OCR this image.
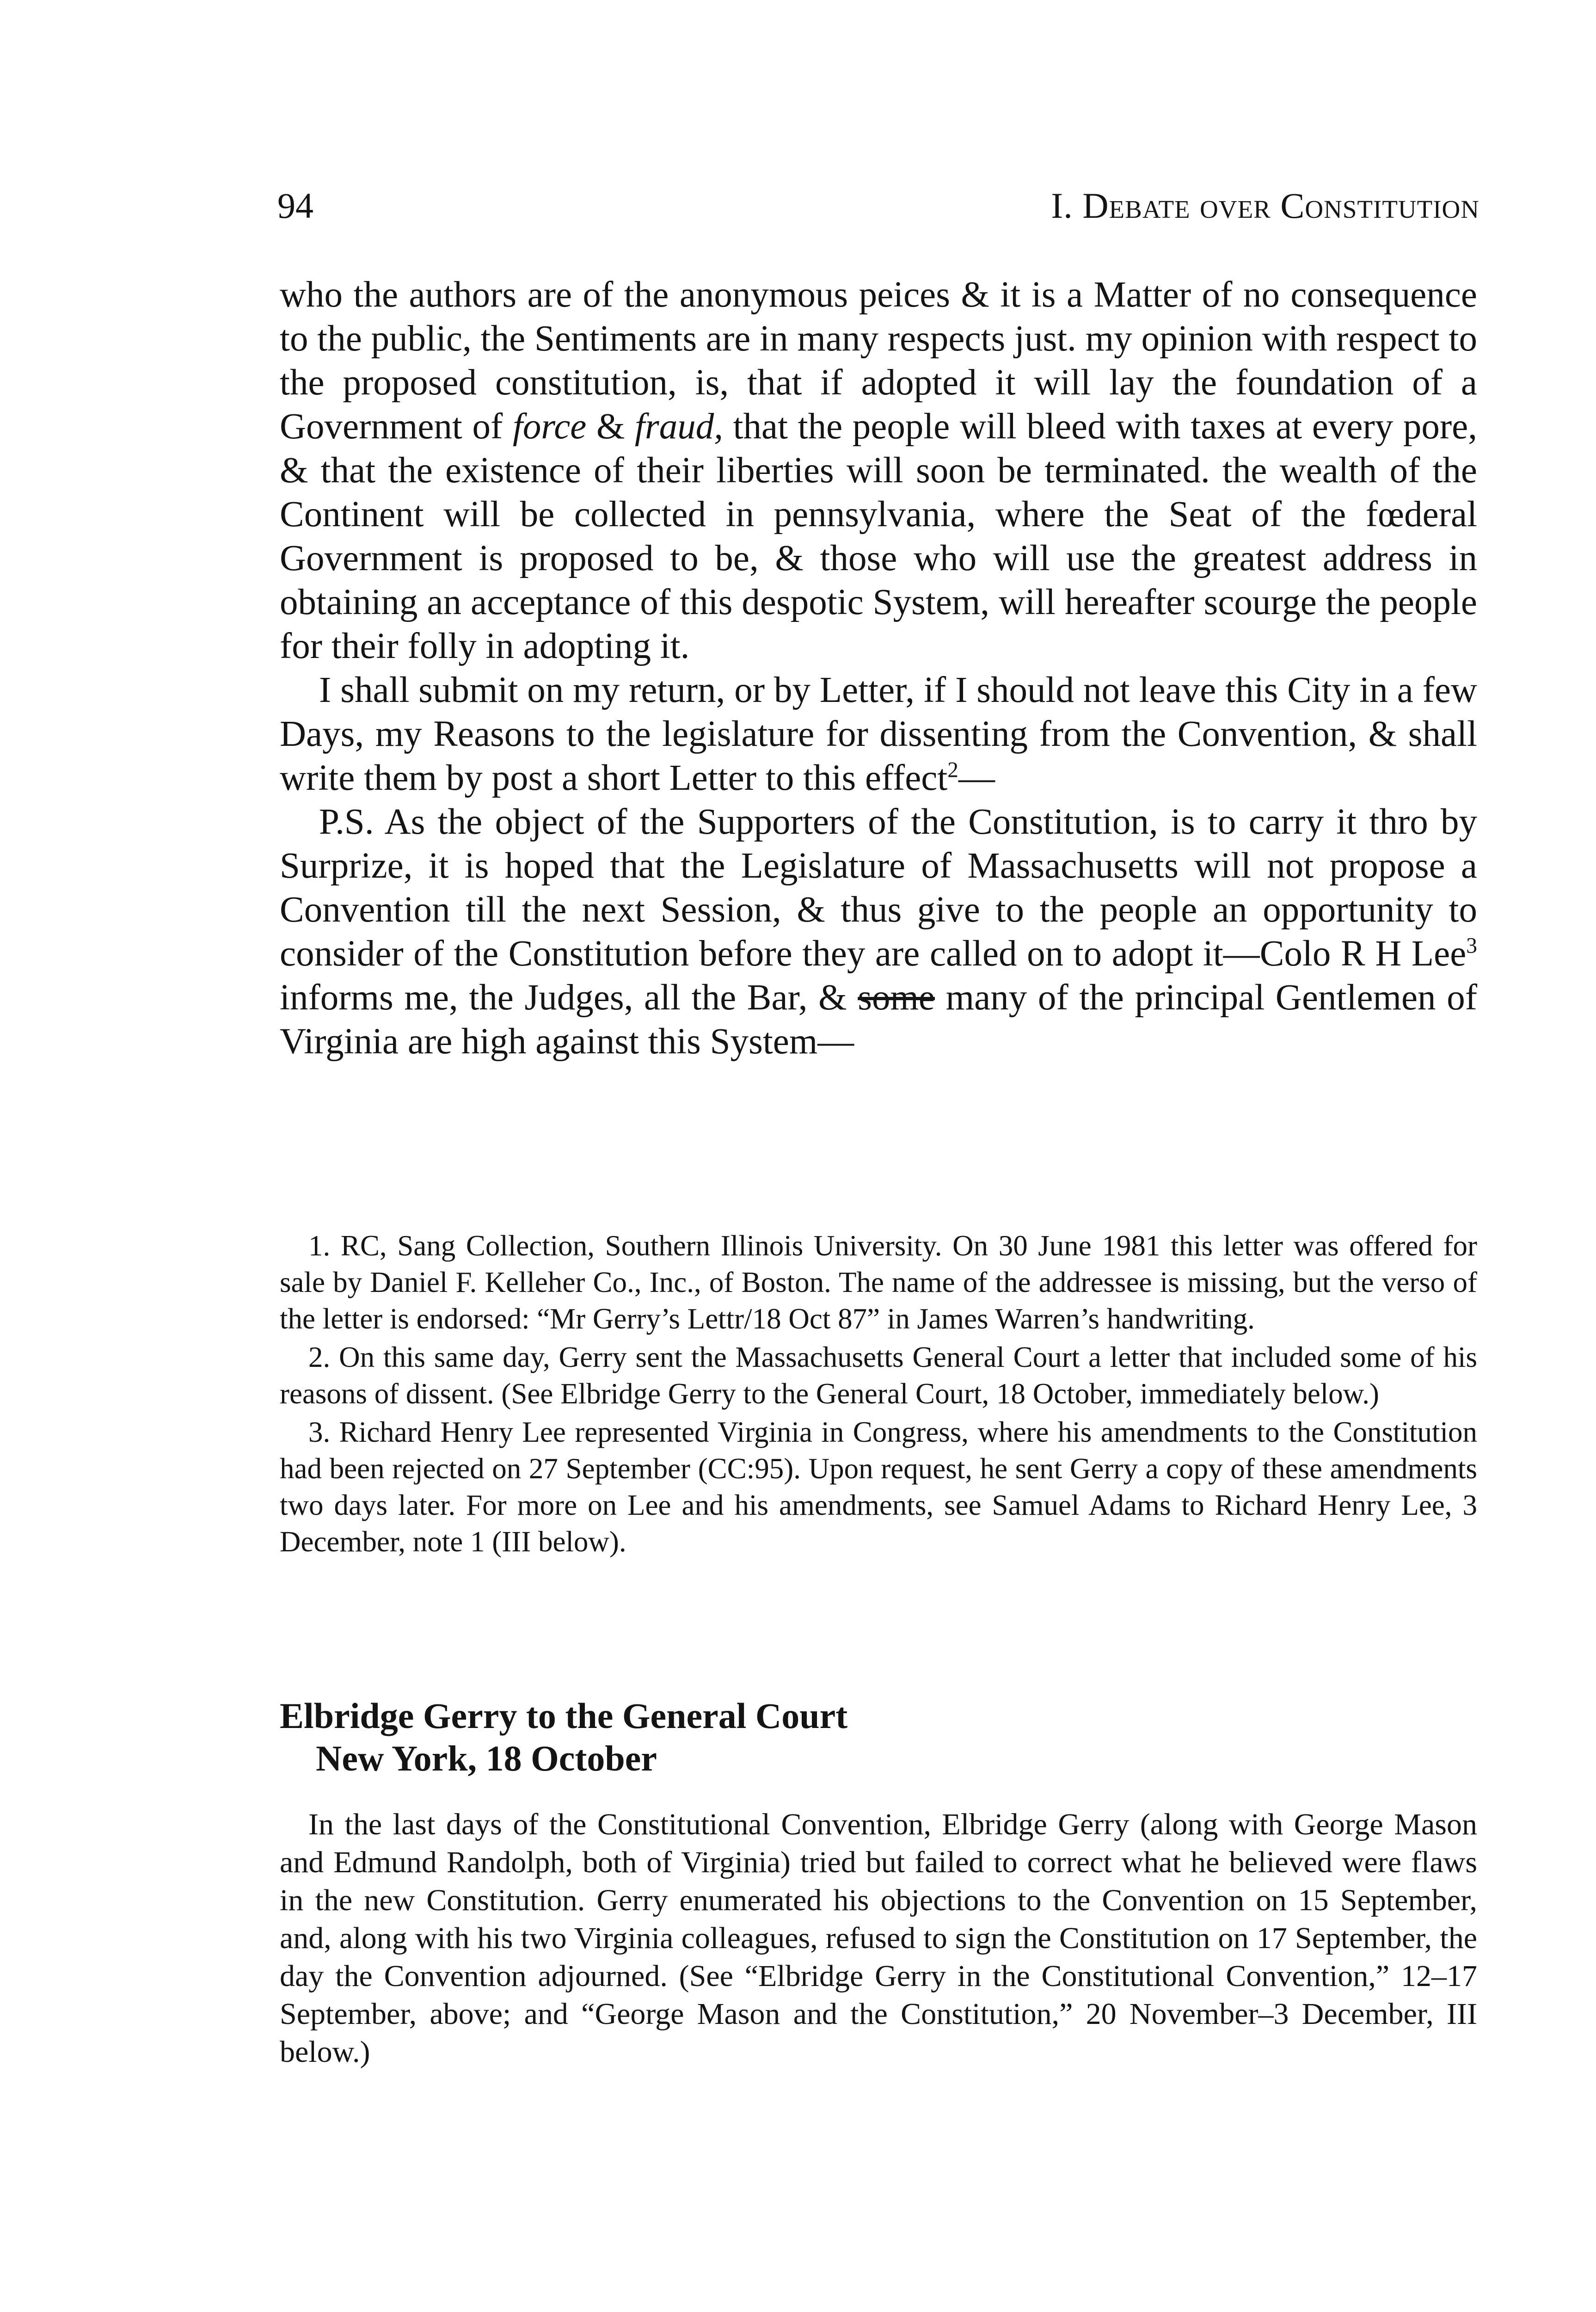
94	I. Debate over Constitution

who the authors are of the anonymous peices & it is a Matter of no consequence to the public, the Sentiments are in many respects just. my opinion with respect to the proposed constitution, is, that if adopted it will lay the foundation of a Government of force & fraud, that the people will bleed with taxes at every pore, & that the existence of their liberties will soon be terminated. the wealth of the Continent will be collected in pennsylvania, where the Seat of the fœderal Government is proposed to be, & those who will use the greatest address in obtaining an acceptance of this despotic System, will hereafter scourge the people for their folly in adopting it.

I shall submit on my return, or by Letter, if I should not leave this City in a few Days, my Reasons to the legislature for dissenting from the Convention, & shall write them by post a short Letter to this effect$^2$—

P.S. As the object of the Supporters of the Constitution, is to carry it thro by Surprize, it is hoped that the Legislature of Massachusetts will not propose a Convention till the next Session, & thus give to the people an opportunity to consider of the Constitution before they are called on to adopt it—Colo R H Lee$^3$ informs me, the Judges, all the Bar, & some many of the principal Gentlemen of Virginia are high against this System—

1. RC, Sang Collection, Southern Illinois University. On 30 June 1981 this letter was offered for sale by Daniel F. Kelleher Co., Inc., of Boston. The name of the addressee is missing, but the verso of the letter is endorsed: “Mr Gerry’s Lettr/18 Oct 87” in James Warren’s handwriting.

2. On this same day, Gerry sent the Massachusetts General Court a letter that included some of his reasons of dissent. (See Elbridge Gerry to the General Court, 18 October, immediately below.)

3. Richard Henry Lee represented Virginia in Congress, where his amendments to the Constitution had been rejected on 27 September (CC:95). Upon request, he sent Gerry a copy of these amendments two days later. For more on Lee and his amendments, see Samuel Adams to Richard Henry Lee, 3 December, note 1 (III below).

Elbridge Gerry to the General Court
New York, 18 October

In the last days of the Constitutional Convention, Elbridge Gerry (along with George Mason and Edmund Randolph, both of Virginia) tried but failed to correct what he believed were flaws in the new Constitution. Gerry enumerated his objections to the Convention on 15 September, and, along with his two Virginia colleagues, refused to sign the Constitution on 17 September, the day the Convention adjourned. (See “Elbridge Gerry in the Constitutional Convention,” 12–17 September, above; and “George Mason and the Constitution,” 20 November–3 December, III below.)
